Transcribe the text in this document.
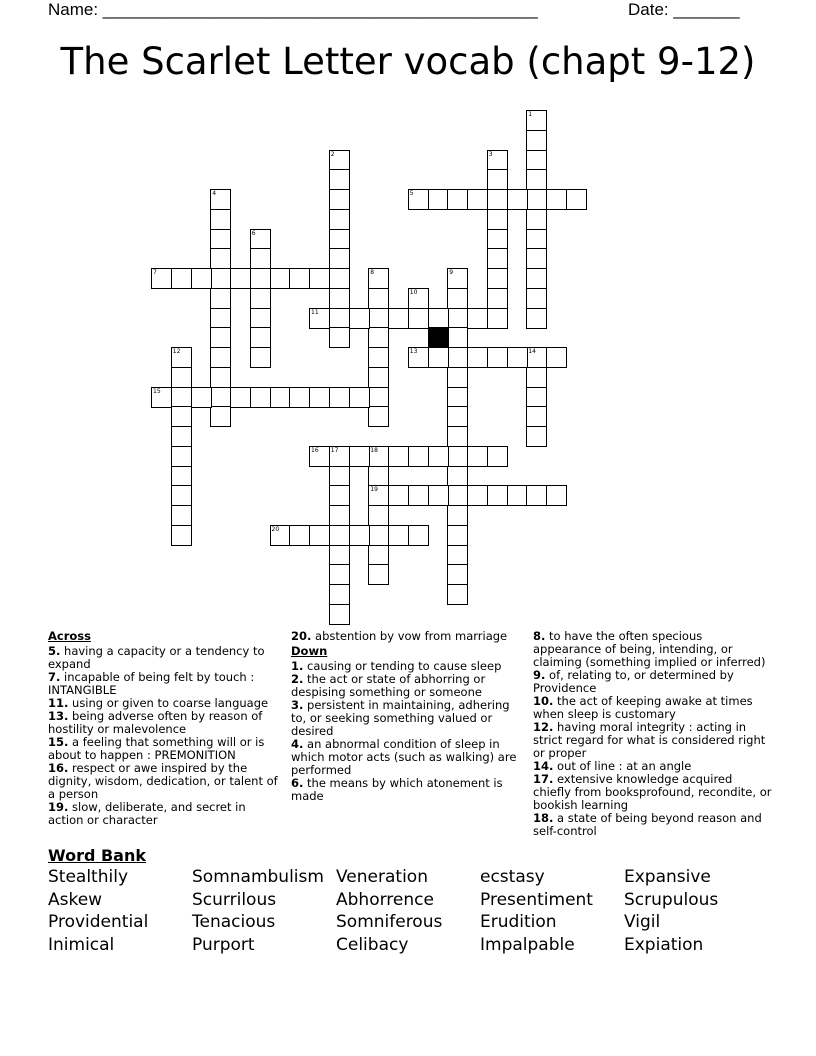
Name: ______________________________________________	Date: _______
The Scarlet Letter vocab (chapt 9-12)
1
2	3
4
6
8	9
10
12	14
17	18
19
5
7
11
13
15
16
20
Across
5. having a capacity or a tendency to expand
7. incapable of being felt by touch : INTANGIBLE
11. using or given to coarse language
13. being adverse often by reason of hostility or malevolence
15. a feeling that something will or is about to happen : PREMONITION
16. respect or awe inspired by the dignity, wisdom, dedication, or talent of a person
19. slow, deliberate, and secret in action or character
20. abstention by vow from marriage
Down
1. causing or tending to cause sleep
2. the act or state of abhorring or despising something or someone
3. persistent in maintaining, adhering to, or seeking something valued or desired
4. an abnormal condition of sleep in which motor acts (such as walking) are performed
6. the means by which atonement is made
8. to have the often specious appearance of being, intending, or claiming (something implied or inferred)
9. of, relating to, or determined by Providence
10. the act of keeping awake at times when sleep is customary
12. having moral integrity : acting in strict regard for what is considered right or proper
14. out of line : at an angle
17. extensive knowledge acquired chiefly from booksprofound, recondite, or bookish learning
18. a state of being beyond reason and self-control
Word Bank
Stealthily	Somnambulism Veneration	ecstasy	Expansive
Askew	Scurrilous	Abhorrence	Presentiment Scrupulous
Providential	Tenacious	Somniferous Erudition	Vigil
Inimical	Purport	Celibacy	Impalpable	Expiation
